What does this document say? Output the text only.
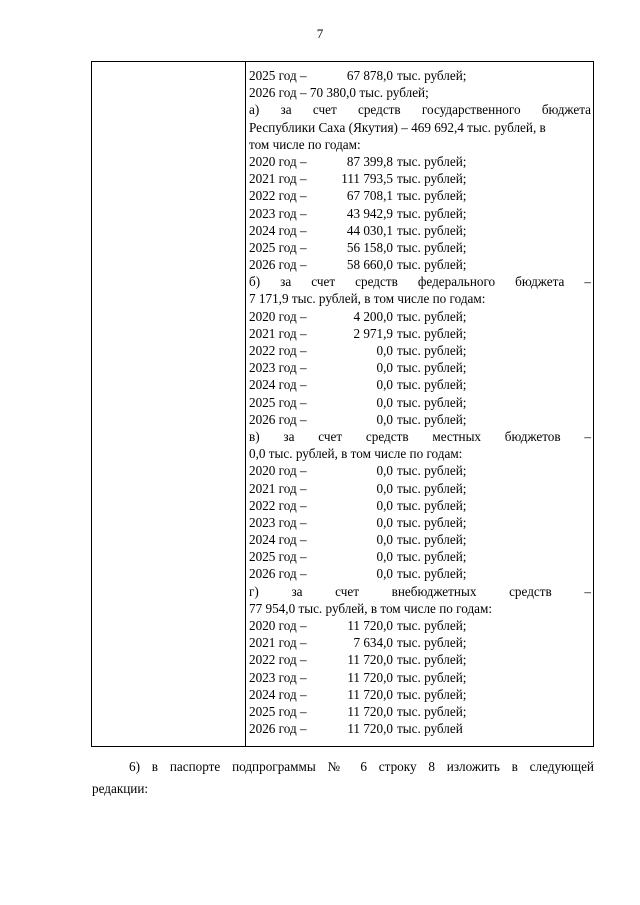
7
2025 год –	67 878,0 тыс. рублей;
2026 год – 70 380,0 тыс. рублей;
а) за счет средств государственного бюджета
Республики Саха (Якутия) – 469 692,4 тыс. рублей, в
том числе по годам:
2020 год –	87 399,8 тыс. рублей;
2021 год –	111 793,5 тыс. рублей;
2022 год –	67 708,1 тыс. рублей;
2023 год –	43 942,9 тыс. рублей;
2024 год –	44 030,1 тыс. рублей;
2025 год –	56 158,0 тыс. рублей;
2026 год –	58 660,0 тыс. рублей;
б) за счет средств федерального бюджета –
7 171,9 тыс. рублей, в том числе по годам:
2020 год –	4 200,0 тыс. рублей;
2021 год –	2 971,9 тыс. рублей;
2022 год –	0,0 тыс. рублей;
2023 год –	0,0 тыс. рублей;
2024 год –	0,0 тыс. рублей;
2025 год –	0,0 тыс. рублей;
2026 год –	0,0 тыс. рублей;
в) за счет средств местных бюджетов –
0,0 тыс. рублей, в том числе по годам:
2020 год –	0,0 тыс. рублей;
2021 год –	0,0 тыс. рублей;
2022 год –	0,0 тыс. рублей;
2023 год –	0,0 тыс. рублей;
2024 год –	0,0 тыс. рублей;
2025 год –	0,0 тыс. рублей;
2026 год –	0,0 тыс. рублей;
г) за счет внебюджетных средств –
77 954,0 тыс. рублей, в том числе по годам:
2020 год –	11 720,0 тыс. рублей;
2021 год –	7 634,0 тыс. рублей;
2022 год –	11 720,0 тыс. рублей;
2023 год –	11 720,0 тыс. рублей;
2024 год –	11 720,0 тыс. рублей;
2025 год –	11 720,0 тыс. рублей;
2026 год –	11 720,0 тыс. рублей
6) в паспорте подпрограммы № 6 строку 8 изложить в следующей
редакции:
